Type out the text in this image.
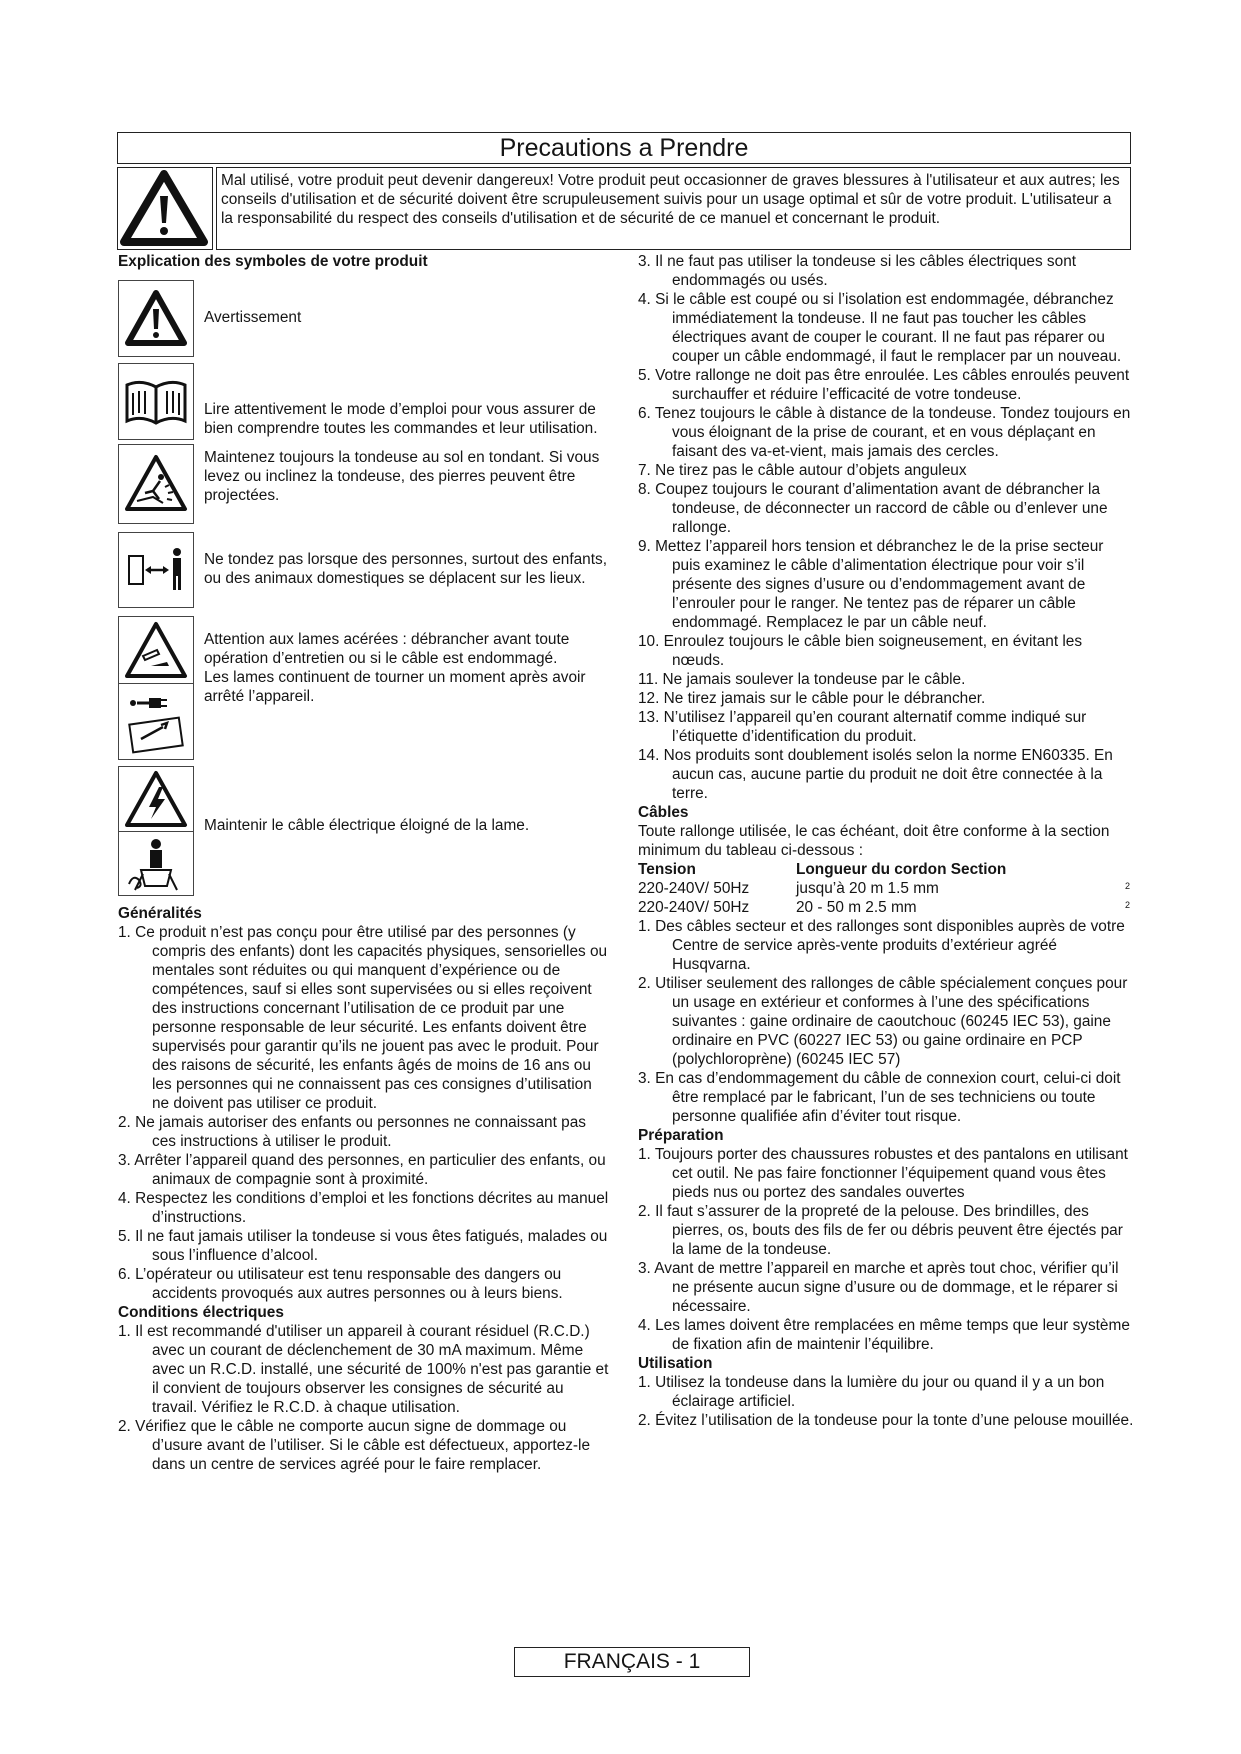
Precautions a Prendre
Mal utilisé, votre produit peut devenir dangereux! Votre produit peut occasionner de graves blessures à l'utilisateur et aux autres; les conseils d'utilisation et de sécurité doivent être scrupuleusement suivis pour un usage optimal et sûr de votre produit. L'utilisateur a la responsabilité du respect des conseils d'utilisation et de sécurité de ce manuel et concernant le produit.
Explication des symboles de votre produit
Avertissement
Lire attentivement le mode d’emploi pour vous assurer de bien comprendre toutes les commandes et leur utilisation.
Maintenez toujours la tondeuse au sol en tondant. Si vous levez ou inclinez la tondeuse, des pierres peuvent être projectées.
Ne tondez pas lorsque des personnes, surtout des enfants, ou des animaux domestiques se déplacent sur les lieux.
Attention aux lames acérées : débrancher avant toute opération d’entretien ou si le câble est endommagé.
Les lames continuent de tourner un moment après avoir arrêté l’appareil.
Maintenir le câble électrique éloigné de la lame.
Généralités
1. Ce produit n’est pas conçu pour être utilisé par des personnes (y compris des enfants) dont les capacités physiques, sensorielles ou mentales sont réduites ou qui manquent d’expérience ou de compétences, sauf si elles sont supervisées ou si elles reçoivent des instructions concernant l’utilisation de ce produit par une personne responsable de leur sécurité. Les enfants doivent être supervisés pour garantir qu’ils ne jouent pas avec le produit. Pour des raisons de sécurité, les enfants âgés de moins de 16 ans ou les personnes qui ne connaissent pas ces consignes d’utilisation ne doivent pas utiliser ce produit.
2. Ne jamais autoriser des enfants ou personnes ne connaissant pas ces instructions à utiliser le produit.
3. Arrêter l’appareil quand des personnes, en particulier des enfants, ou animaux de compagnie sont à proximité.
4. Respectez les conditions d’emploi et les fonctions décrites au manuel d’instructions.
5. Il ne faut jamais utiliser la tondeuse si vous êtes fatigués, malades ou sous l’influence d’alcool.
6. L’opérateur ou utilisateur est tenu responsable des dangers ou accidents provoqués aux autres personnes ou à leurs biens.
Conditions électriques
1. Il est recommandé d'utiliser un appareil à courant résiduel (R.C.D.) avec un courant de déclenchement de 30 mA maximum. Même avec un R.C.D. installé, une sécurité de 100% n'est pas garantie et il convient de toujours observer les consignes de sécurité au travail. Vérifiez le R.C.D. à chaque utilisation.
2. Vérifiez que le câble ne comporte aucun signe de dommage ou d’usure avant de l’utiliser. Si le câble est défectueux, apportez-le dans un centre de services agréé pour le faire remplacer.
3. Il ne faut pas utiliser la tondeuse si les câbles électriques sont endommagés ou usés.
4. Si le câble est coupé ou si l’isolation est endommagée, débranchez immédiatement la tondeuse. Il ne faut pas toucher les câbles électriques avant de couper le courant. Il ne faut pas réparer ou couper un câble endommagé, il faut le remplacer par un nouveau.
5. Votre rallonge ne doit pas être enroulée. Les câbles enroulés peuvent surchauffer et réduire l’efficacité de votre tondeuse.
6. Tenez toujours le câble à distance de la tondeuse. Tondez toujours en vous éloignant de la prise de courant, et en vous déplaçant en faisant des va-et-vient, mais jamais des cercles.
7. Ne tirez pas le câble autour d’objets anguleux
8. Coupez toujours le courant d’alimentation avant de débrancher la tondeuse, de déconnecter un raccord de câble ou d’enlever une rallonge.
9. Mettez l’appareil hors tension et débranchez le de la prise secteur puis examinez le câble d’alimentation électrique pour voir s’il présente des signes d’usure ou d’endommagement avant de l’enrouler pour le ranger. Ne tentez pas de réparer un câble endommagé. Remplacez le par un câble neuf.
10. Enroulez toujours le câble bien soigneusement, en évitant les nœuds.
11. Ne jamais soulever la tondeuse par le câble.
12. Ne tirez jamais sur le câble pour le débrancher.
13. N’utilisez l’appareil qu’en courant alternatif comme indiqué sur l’étiquette d’identification du produit.
14. Nos produits sont doublement isolés selon la norme EN60335. En aucun cas, aucune partie du produit ne doit être connectée à la terre.
Câbles
Toute rallonge utilisée, le cas échéant, doit être conforme à la section minimum du tableau ci-dessous :
Tension	Longueur du cordon Section
220-240V/ 50Hz	jusqu’à 20 m 1.5 mm	2
220-240V/ 50Hz	20 - 50 m 2.5 mm	2
1. Des câbles secteur et des rallonges sont disponibles auprès de votre Centre de service après-vente produits d’extérieur agréé Husqvarna.
2. Utiliser seulement des rallonges de câble spécialement conçues pour un usage en extérieur et conformes à l’une des spécifications suivantes : gaine ordinaire de caoutchouc (60245 IEC 53), gaine ordinaire en PVC (60227 IEC 53) ou gaine ordinaire en PCP (polychloroprène) (60245 IEC 57)
3. En cas d’endommagement du câble de connexion court, celui-ci doit être remplacé par le fabricant, l’un de ses techniciens ou toute personne qualifiée afin d’éviter tout risque.
Préparation
1. Toujours porter des chaussures robustes et des pantalons en utilisant cet outil. Ne pas faire fonctionner l’équipement quand vous êtes pieds nus ou portez des sandales ouvertes
2. Il faut s’assurer de la propreté de la pelouse. Des brindilles, des pierres, os, bouts des fils de fer ou débris peuvent être éjectés par la lame de la tondeuse.
3. Avant de mettre l’appareil en marche et après tout choc, vérifier qu’il ne présente aucun signe d’usure ou de dommage, et le réparer si nécessaire.
4. Les lames doivent être remplacées en même temps que leur système de fixation afin de maintenir l’équilibre.
Utilisation
1. Utilisez la tondeuse dans la lumière du jour ou quand il y a un bon éclairage artificiel.
2. Évitez l’utilisation de la tondeuse pour la tonte d’une pelouse mouillée.
FRANÇAIS - 1
